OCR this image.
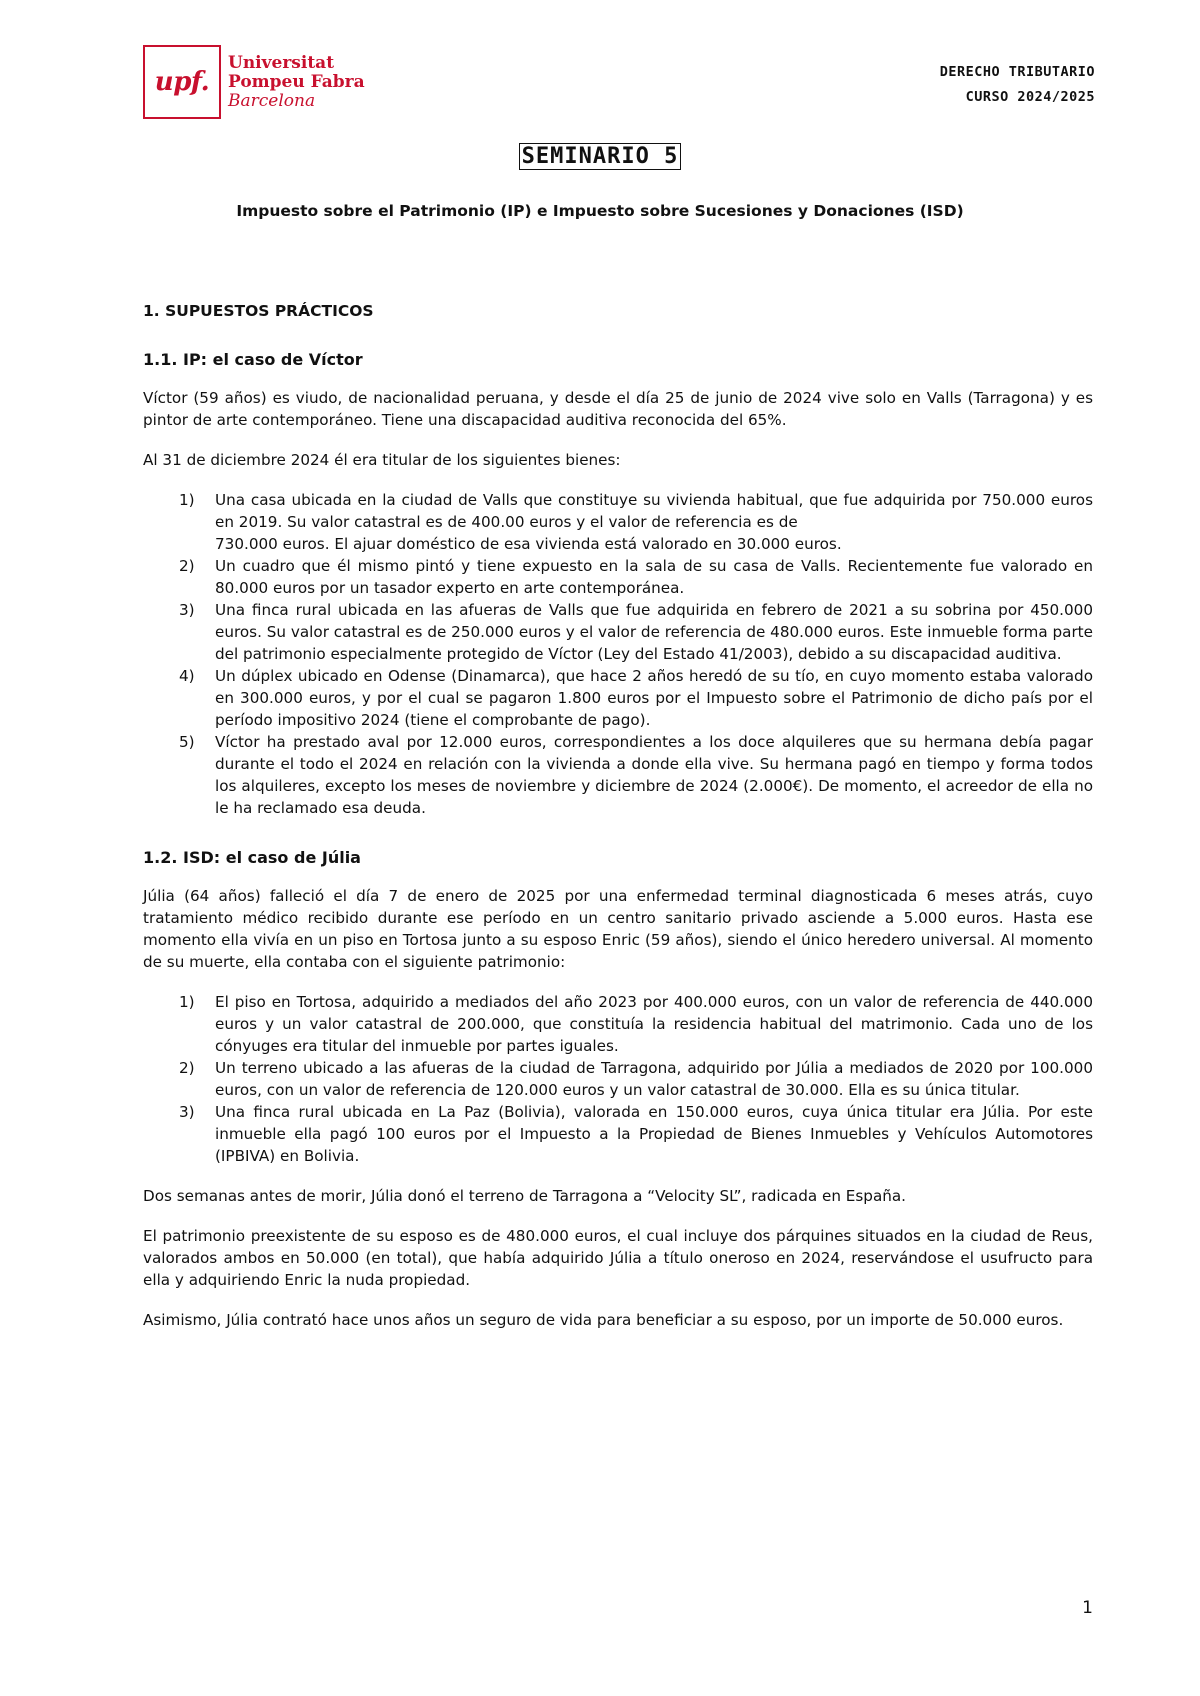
upf.
Universitat
Pompeu Fabra
Barcelona
DERECHO TRIBUTARIO
CURSO 2024/2025
SEMINARIO 5
Impuesto sobre el Patrimonio (IP) e Impuesto sobre Sucesiones y Donaciones (ISD)

1. SUPUESTOS PRÁCTICOS

1.1. IP: el caso de Víctor

Víctor (59 años) es viudo, de nacionalidad peruana, y desde el día 25 de junio de 2024 vive solo en Valls (Tarragona) y es pintor de arte contemporáneo. Tiene una discapacidad auditiva reconocida del 65%.

Al 31 de diciembre 2024 él era titular de los siguientes bienes:

1) Una casa ubicada en la ciudad de Valls que constituye su vivienda habitual, que fue adquirida por 750.000 euros en 2019. Su valor catastral es de 400.00 euros y el valor de referencia es de
730.000 euros. El ajuar doméstico de esa vivienda está valorado en 30.000 euros.
2) Un cuadro que él mismo pintó y tiene expuesto en la sala de su casa de Valls. Recientemente fue valorado en 80.000 euros por un tasador experto en arte contemporánea.
3) Una finca rural ubicada en las afueras de Valls que fue adquirida en febrero de 2021 a su sobrina por 450.000 euros. Su valor catastral es de 250.000 euros y el valor de referencia de 480.000 euros. Este inmueble forma parte del patrimonio especialmente protegido de Víctor (Ley del Estado 41/2003), debido a su discapacidad auditiva.
4) Un dúplex ubicado en Odense (Dinamarca), que hace 2 años heredó de su tío, en cuyo momento estaba valorado en 300.000 euros, y por el cual se pagaron 1.800 euros por el Impuesto sobre el Patrimonio de dicho país por el período impositivo 2024 (tiene el comprobante de pago).
5) Víctor ha prestado aval por 12.000 euros, correspondientes a los doce alquileres que su hermana debía pagar durante el todo el 2024 en relación con la vivienda a donde ella vive. Su hermana pagó en tiempo y forma todos los alquileres, excepto los meses de noviembre y diciembre de 2024 (2.000€). De momento, el acreedor de ella no le ha reclamado esa deuda.

1.2. ISD: el caso de Júlia

Júlia (64 años) falleció el día 7 de enero de 2025 por una enfermedad terminal diagnosticada 6 meses atrás, cuyo tratamiento médico recibido durante ese período en un centro sanitario privado asciende a 5.000 euros. Hasta ese momento ella vivía en un piso en Tortosa junto a su esposo Enric (59 años), siendo el único heredero universal. Al momento de su muerte, ella contaba con el siguiente patrimonio:

1) El piso en Tortosa, adquirido a mediados del año 2023 por 400.000 euros, con un valor de referencia de 440.000 euros y un valor catastral de 200.000, que constituía la residencia habitual del matrimonio. Cada uno de los cónyuges era titular del inmueble por partes iguales.
2) Un terreno ubicado a las afueras de la ciudad de Tarragona, adquirido por Júlia a mediados de 2020 por 100.000 euros, con un valor de referencia de 120.000 euros y un valor catastral de 30.000. Ella es su única titular.
3) Una finca rural ubicada en La Paz (Bolivia), valorada en 150.000 euros, cuya única titular era Júlia. Por este inmueble ella pagó 100 euros por el Impuesto a la Propiedad de Bienes Inmuebles y Vehículos Automotores (IPBIVA) en Bolivia.

Dos semanas antes de morir, Júlia donó el terreno de Tarragona a “Velocity SL”, radicada en España.

El patrimonio preexistente de su esposo es de 480.000 euros, el cual incluye dos párquines situados en la ciudad de Reus, valorados ambos en 50.000 (en total), que había adquirido Júlia a título oneroso en 2024, reservándose el usufructo para ella y adquiriendo Enric la nuda propiedad.

Asimismo, Júlia contrató hace unos años un seguro de vida para beneficiar a su esposo, por un importe de 50.000 euros.

1
